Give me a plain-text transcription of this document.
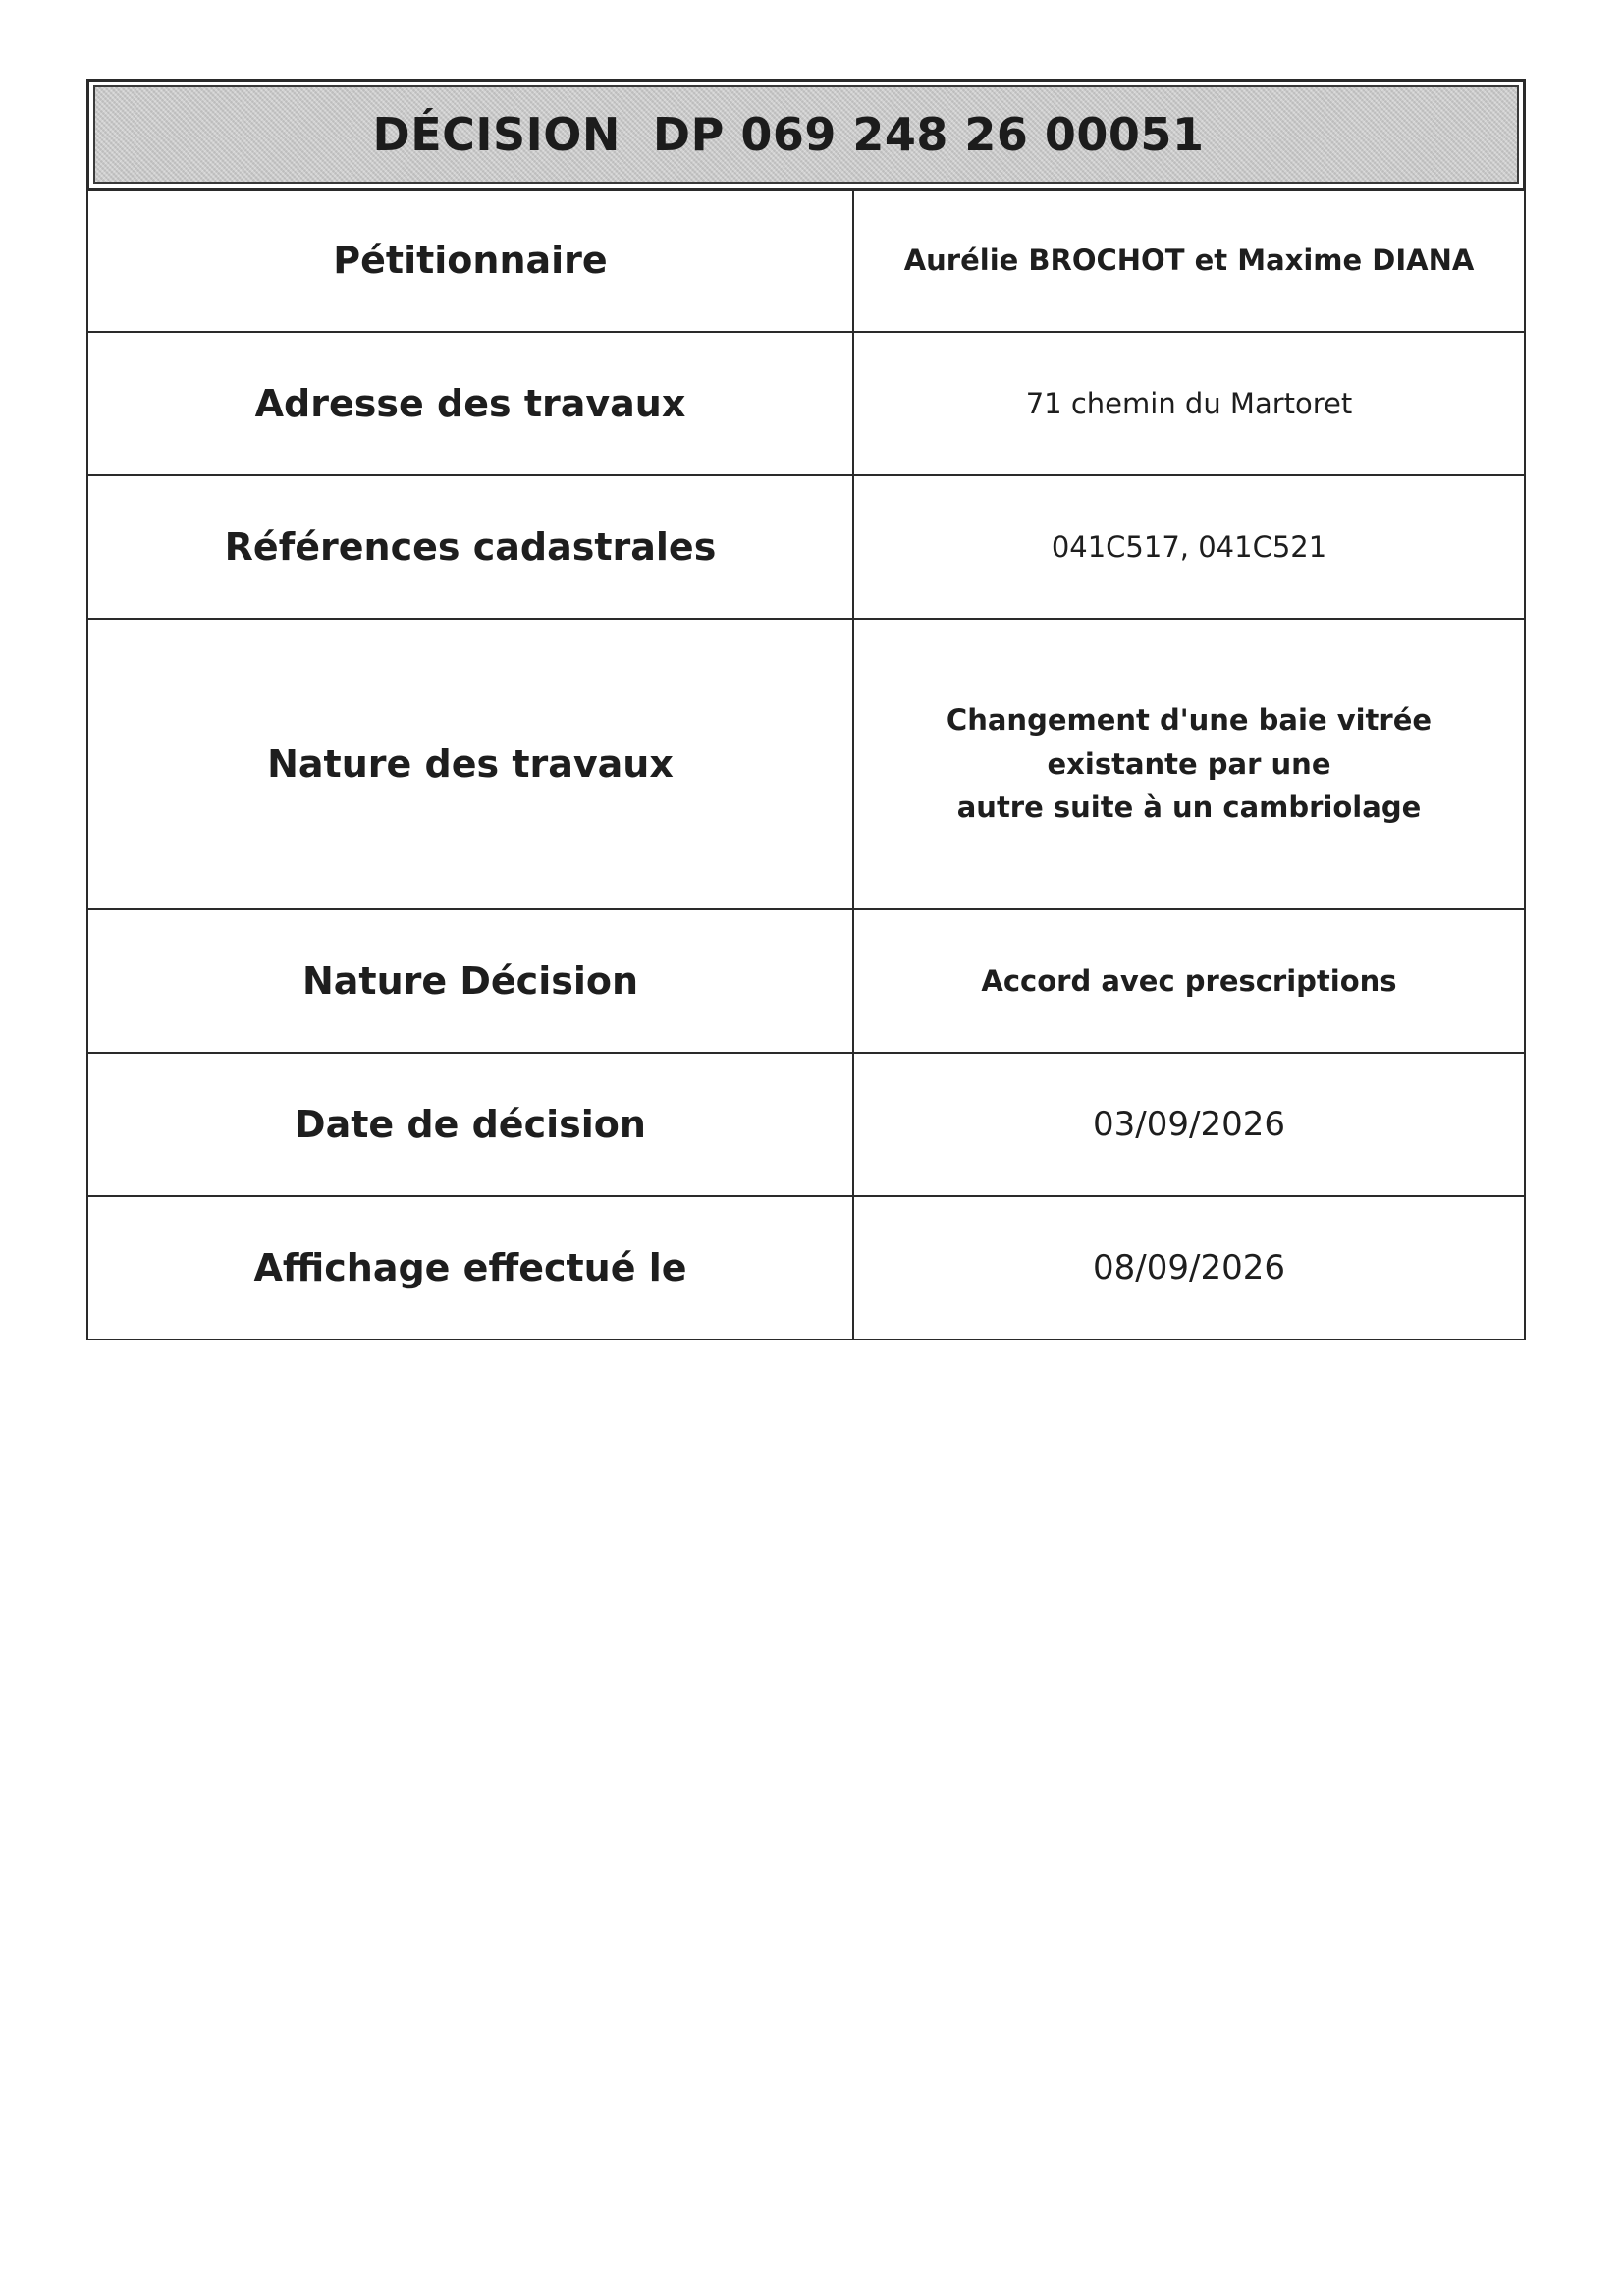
DÉCISION  DP 069 248 26 00051
Pétitionnaire	Aurélie BROCHOT et Maxime DIANA
Adresse des travaux	71 chemin du Martoret
Références cadastrales	041C517, 041C521
Nature des travaux	Changement d'une baie vitrée existante par une
autre suite à un cambriolage

Nature Décision	Accord avec prescriptions
Date de décision	03/09/2026
Affichage effectué le	08/09/2026
